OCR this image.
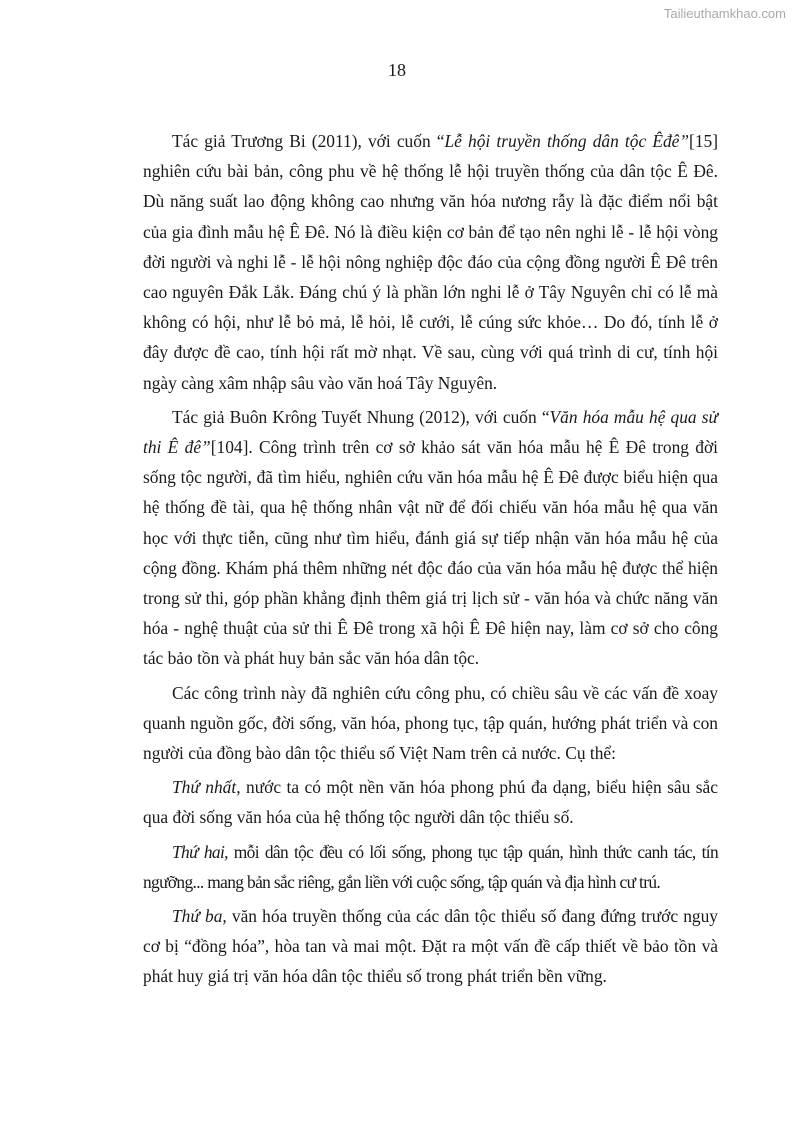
Tailieuthamkhao.com
18

Tác giả Trương Bi (2011), với cuốn “Lễ hội truyền thống dân tộc Êđê”[15] nghiên cứu bài bản, công phu về hệ thống lễ hội truyền thống của dân tộc Ê Đê. Dù năng suất lao động không cao nhưng văn hóa nương rẫy là đặc điểm nổi bật của gia đình mẫu hệ Ê Đê. Nó là điều kiện cơ bản để tạo nên nghi lễ - lễ hội vòng đời người và nghi lễ - lễ hội nông nghiệp độc đáo của cộng đồng người Ê Đê trên cao nguyên Đắk Lắk. Đáng chú ý là phần lớn nghi lễ ở Tây Nguyên chỉ có lễ mà không có hội, như lễ bỏ mả, lễ hỏi, lễ cưới, lễ cúng sức khỏe… Do đó, tính lễ ở đây được đề cao, tính hội rất mờ nhạt. Về sau, cùng với quá trình di cư, tính hội ngày càng xâm nhập sâu vào văn hoá Tây Nguyên.

Tác giả Buôn Krông Tuyết Nhung (2012), với cuốn “Văn hóa mẫu hệ qua sử thi Ê đê”[104]. Công trình trên cơ sở khảo sát văn hóa mẫu hệ Ê Đê trong đời sống tộc người, đã tìm hiểu, nghiên cứu văn hóa mẫu hệ Ê Đê được biểu hiện qua hệ thống đề tài, qua hệ thống nhân vật nữ để đối chiếu văn hóa mẫu hệ qua văn học với thực tiễn, cũng như tìm hiểu, đánh giá sự tiếp nhận văn hóa mẫu hệ của cộng đồng. Khám phá thêm những nét độc đáo của văn hóa mẫu hệ được thể hiện trong sử thi, góp phần khẳng định thêm giá trị lịch sử - văn hóa và chức năng văn hóa - nghệ thuật của sử thi Ê Đê trong xã hội Ê Đê hiện nay, làm cơ sở cho công tác bảo tồn và phát huy bản sắc văn hóa dân tộc.

Các công trình này đã nghiên cứu công phu, có chiều sâu về các vấn đề xoay quanh nguồn gốc, đời sống, văn hóa, phong tục, tập quán, hướng phát triển và con người của đồng bào dân tộc thiểu số Việt Nam trên cả nước. Cụ thể:

Thứ nhất, nước ta có một nền văn hóa phong phú đa dạng, biểu hiện sâu sắc qua đời sống văn hóa của hệ thống tộc người dân tộc thiểu số.

Thứ hai, mỗi dân tộc đều có lối sống, phong tục tập quán, hình thức canh tác, tín ngưỡng... mang bản sắc riêng, gắn liền với cuộc sống, tập quán và địa hình cư trú.

Thứ ba, văn hóa truyền thống của các dân tộc thiểu số đang đứng trước nguy cơ bị “đồng hóa”, hòa tan và mai một. Đặt ra một vấn đề cấp thiết về bảo tồn và phát huy giá trị văn hóa dân tộc thiểu số trong phát triển bền vững.
